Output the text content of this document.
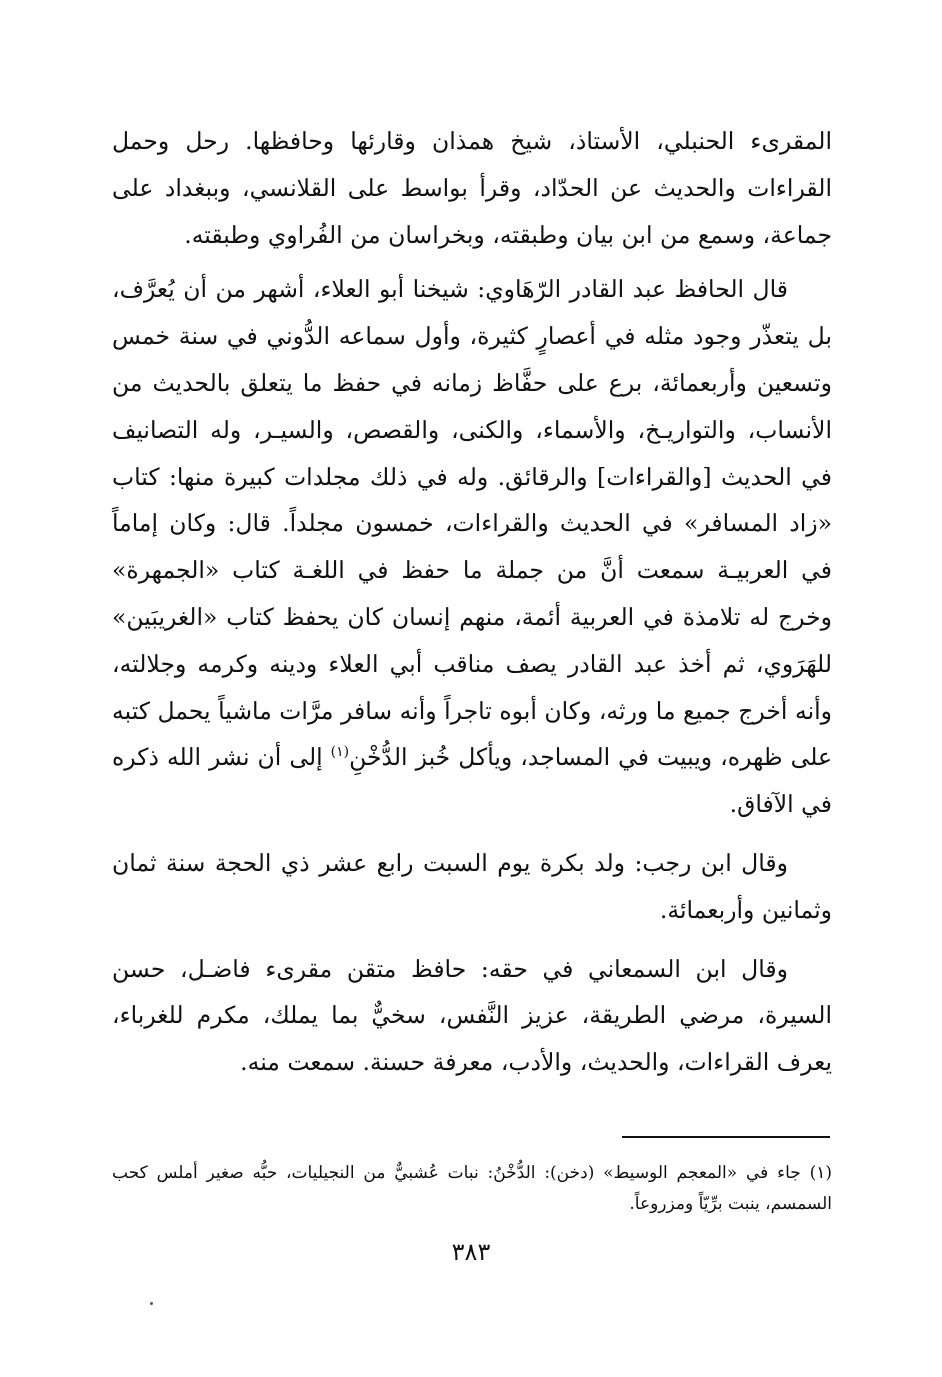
المقرىء الحنبلي، الأستاذ، شيخ همذان وقارئها وحافظها. رحل وحمل القراءات والحديث عن الحدّاد، وقرأ بواسط على القلانسي، وببغداد على جماعة، وسمع من ابن بيان وطبقته، وبخراسان من الفُراوي وطبقته.

قال الحافظ عبد القادر الرّهَاوي: شيخنا أبو العلاء، أشهر من أن يُعرَّف، بل يتعذّر وجود مثله في أعصارٍ كثيرة، وأول سماعه الدُّوني في سنة خمس وتسعين وأربعمائة، برع على حفَّاظ زمانه في حفظ ما يتعلق بالحديث من الأنساب، والتواريـخ، والأسماء، والكنى، والقصص، والسيـر، وله التصانيف في الحديث [والقراءات] والرقائق. وله في ذلك مجلدات كبيرة منها: كتاب «زاد المسافر» في الحديث والقراءات، خمسون مجلداً. قال: وكان إماماً في العربيـة سمعت أنَّ من جملة ما حفظ في اللغـة كتاب «الجمهرة» وخرج له تلامذة في العربية أئمة، منهم إنسان كان يحفظ كتاب «الغريبَين» للهَرَوي، ثم أخذ عبد القادر يصف مناقب أبي العلاء ودينه وكرمه وجلالته، وأنه أخرج جميع ما ورثه، وكان أبوه تاجراً وأنه سافر مرَّات ماشياً يحمل كتبه على ظهره، ويبيت في المساجد، ويأكل خُبز الدُّخْنِ$^{(١)}$ إلى أن نشر الله ذكره في الآفاق.

وقال ابن رجب: ولد بكرة يوم السبت رابع عشر ذي الحجة سنة ثمان وثمانين وأربعمائة.

وقال ابن السمعاني في حقه: حافظ متقن مقرىء فاضـل، حسن السيرة، مرضي الطريقة، عزيز النَّفس، سخيٌّ بما يملك، مكرم للغرباء، يعرف القراءات، والحديث، والأدب، معرفة حسنة. سمعت منه.

(١) جاء في «المعجم الوسيط» (دخن): الدُّخْنُ: نبات عُشبيٌّ من النجيليات، حبُّه صغير أملس كحب السمسم، ينبت برِّيّاً ومزروعاً.

٣٨٣
